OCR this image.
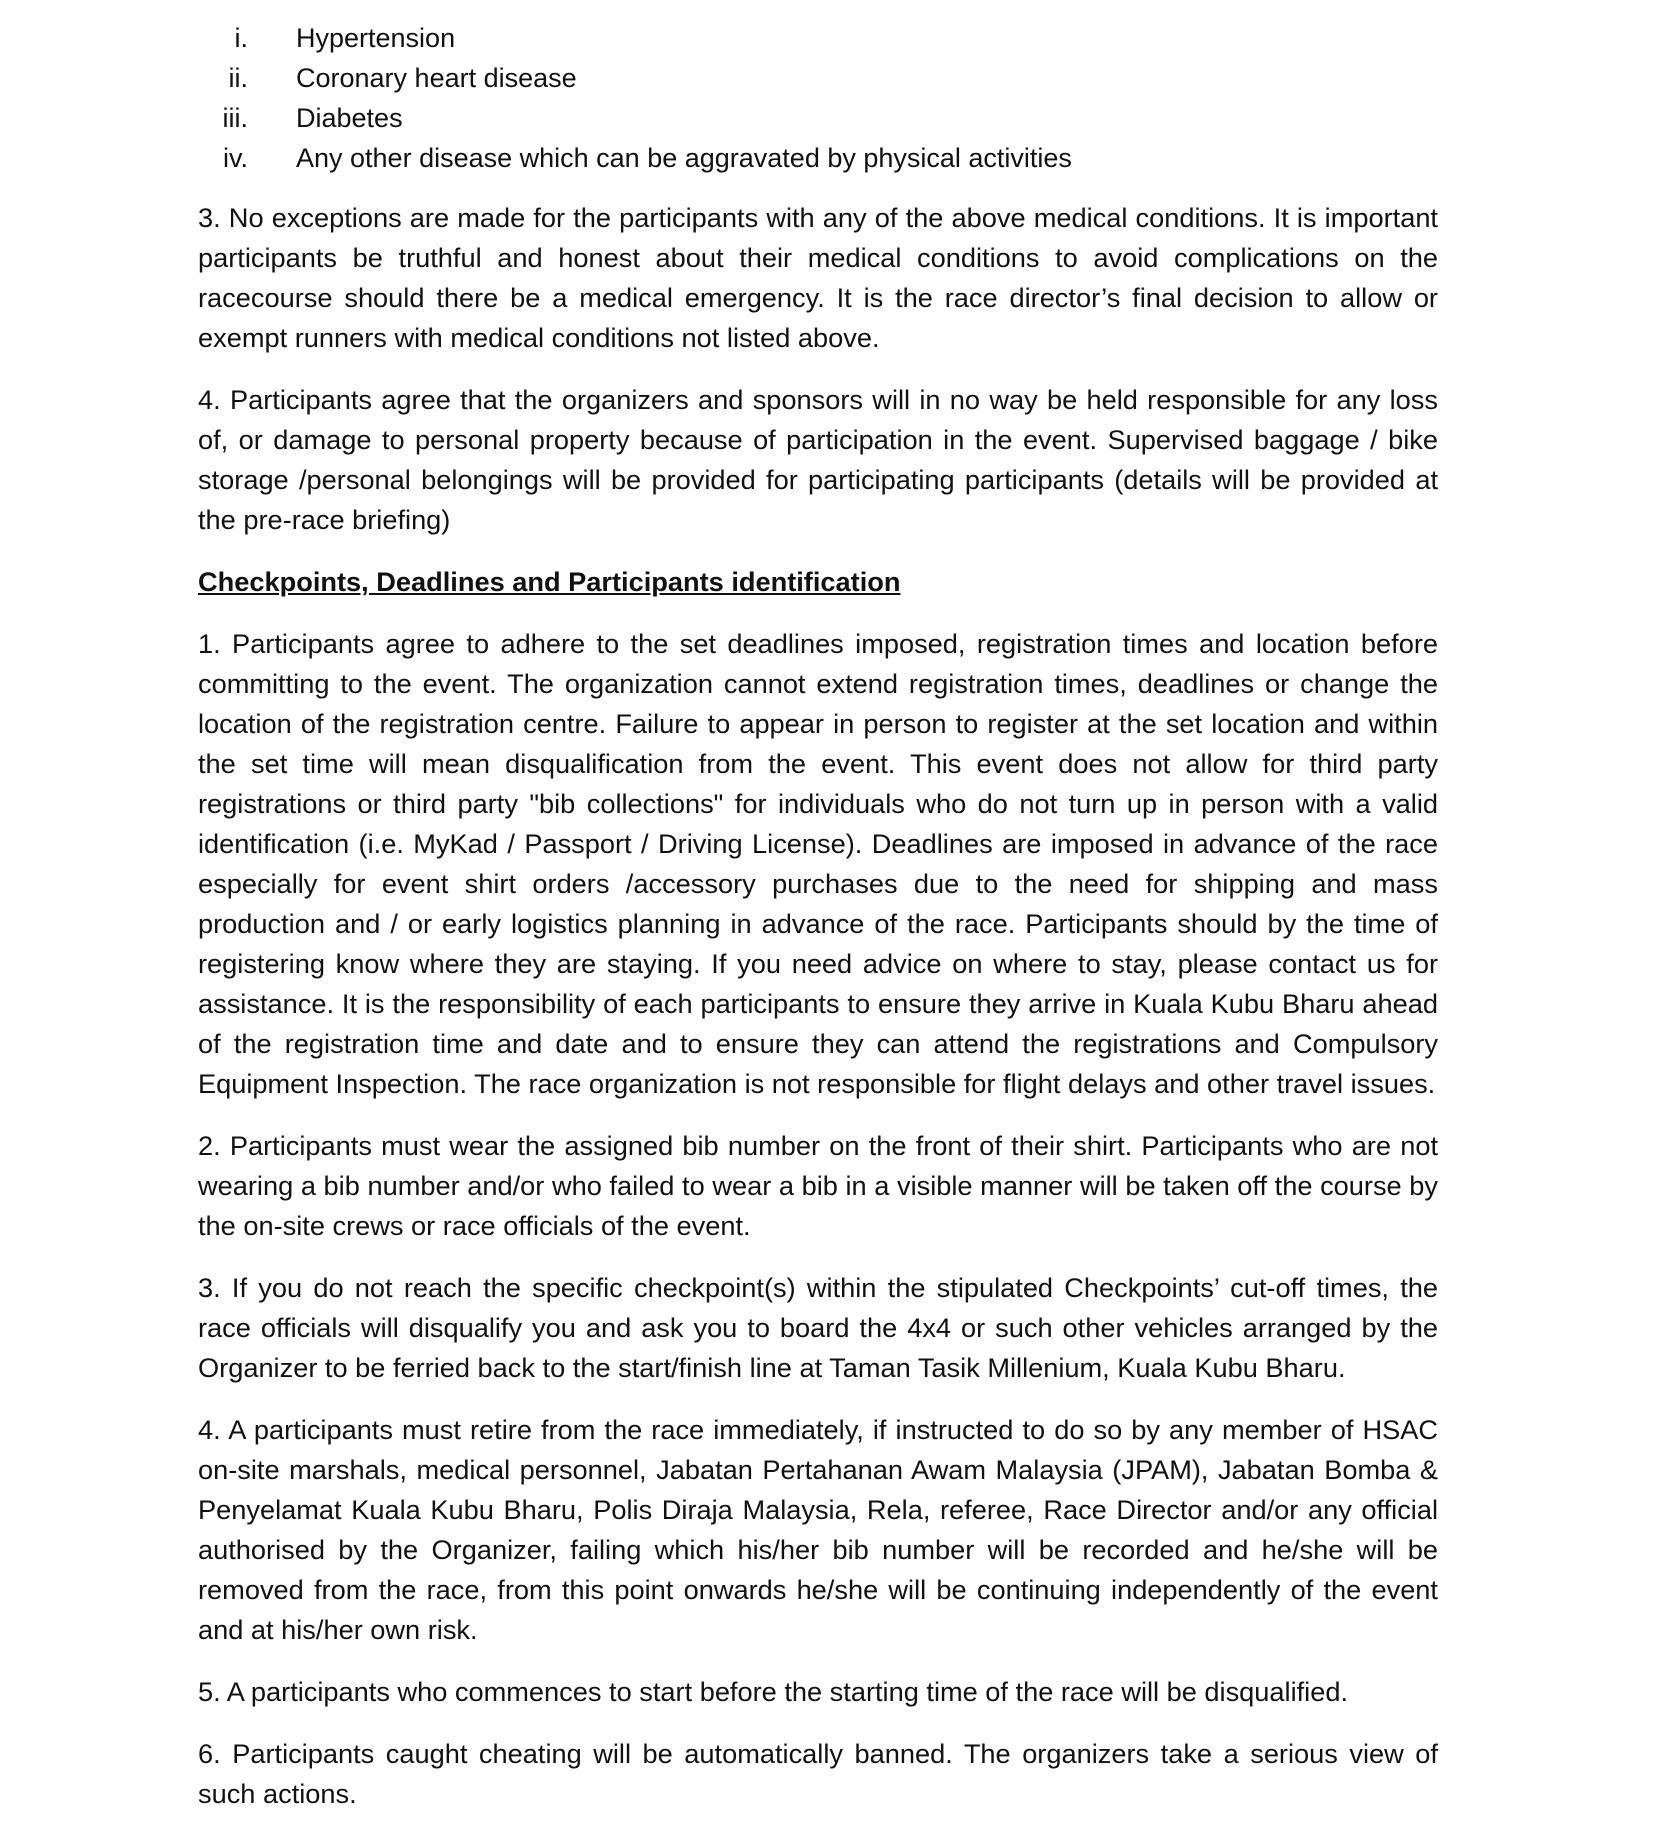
i. Hypertension
ii. Coronary heart disease
iii. Diabetes
iv. Any other disease which can be aggravated by physical activities

3. No exceptions are made for the participants with any of the above medical conditions. It is important participants be truthful and honest about their medical conditions to avoid complications on the racecourse should there be a medical emergency. It is the race director’s final decision to allow or exempt runners with medical conditions not listed above.

4. Participants agree that the organizers and sponsors will in no way be held responsible for any loss of, or damage to personal property because of participation in the event. Supervised baggage / bike storage /personal belongings will be provided for participating participants (details will be provided at the pre-race briefing)

Checkpoints, Deadlines and Participants identification

1. Participants agree to adhere to the set deadlines imposed, registration times and location before committing to the event. The organization cannot extend registration times, deadlines or change the location of the registration centre. Failure to appear in person to register at the set location and within the set time will mean disqualification from the event. This event does not allow for third party registrations or third party "bib collections" for individuals who do not turn up in person with a valid identification (i.e. MyKad / Passport / Driving License). Deadlines are imposed in advance of the race especially for event shirt orders /accessory purchases due to the need for shipping and mass production and / or early logistics planning in advance of the race. Participants should by the time of registering know where they are staying. If you need advice on where to stay, please contact us for assistance. It is the responsibility of each participants to ensure they arrive in Kuala Kubu Bharu ahead of the registration time and date and to ensure they can attend the registrations and Compulsory Equipment Inspection. The race organization is not responsible for flight delays and other travel issues.

2. Participants must wear the assigned bib number on the front of their shirt. Participants who are not wearing a bib number and/or who failed to wear a bib in a visible manner will be taken off the course by the on-site crews or race officials of the event.

3. If you do not reach the specific checkpoint(s) within the stipulated Checkpoints’ cut-off times, the race officials will disqualify you and ask you to board the 4x4 or such other vehicles arranged by the Organizer to be ferried back to the start/finish line at Taman Tasik Millenium, Kuala Kubu Bharu.

4. A participants must retire from the race immediately, if instructed to do so by any member of HSAC on-site marshals, medical personnel, Jabatan Pertahanan Awam Malaysia (JPAM), Jabatan Bomba & Penyelamat Kuala Kubu Bharu, Polis Diraja Malaysia, Rela, referee, Race Director and/or any official authorised by the Organizer, failing which his/her bib number will be recorded and he/she will be removed from the race, from this point onwards he/she will be continuing independently of the event and at his/her own risk.

5. A participants who commences to start before the starting time of the race will be disqualified.

6. Participants caught cheating will be automatically banned. The organizers take a serious view of such actions.
